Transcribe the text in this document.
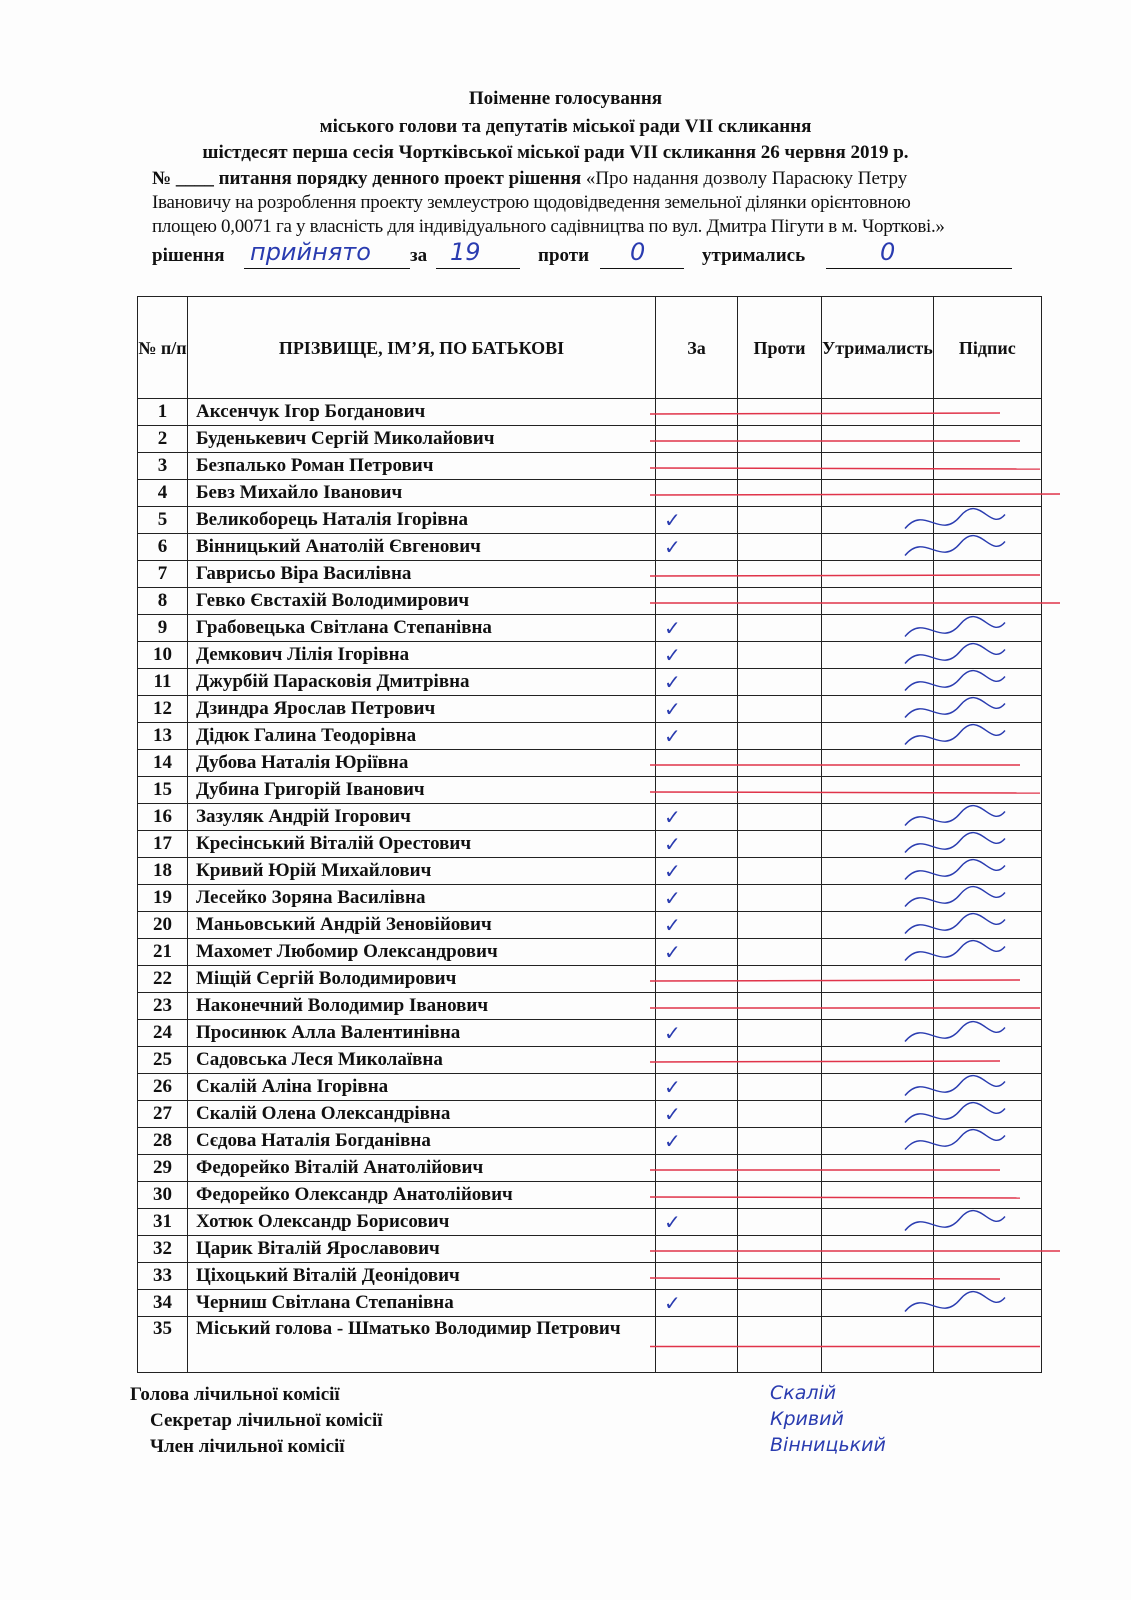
Поіменне голосування
міського голови та депутатів міської ради VII скликання
шістдесят перша сесія Чортківської міської ради VII скликання 26 червня 2019 р.
№ ____ питання порядку денного проект рішення «Про надання дозволу Парасюку Петру
Івановичу на розроблення проекту землеустрою щодовідведення земельної ділянки орієнтовною
площею 0,0071 га у власність для індивідуального садівництва по вул. Дмитра Пігути в м. Чорткові.»
рішення прийнято за 19	проти 0	утримались	0
№ п/п	ПРІЗВИЩЕ, ІМ’Я, ПО БАТЬКОВІ	За	Проти	Утрималисть	Підпис
1	Аксенчук Ігор Богданович				
2	Буденькевич Сергій Миколайович				
3	Безпалько Роман Петрович				
4	Бевз Михайло Іванович				
5	Великоборець Наталія Ігорівна	✓			
6	Вінницький Анатолій Євгенович	✓			
7	Гаврисьо Віра Василівна				
8	Гевко Євстахій Володимирович				
9	Грабовецька Світлана Степанівна	✓			
10	Демкович Лілія Ігорівна	✓			
11	Джурбій Парасковія Дмитрівна	✓			
12	Дзиндра Ярослав Петрович	✓			
13	Дідюк Галина Теодорівна	✓			
14	Дубова Наталія Юріївна				
15	Дубина Григорій Іванович				
16	Зазуляк Андрій Ігорович	✓			
17	Кресінський Віталій Орестович	✓			
18	Кривий Юрій Михайлович	✓			
19	Лесейко Зоряна Василівна	✓			
20	Маньовський Андрій Зеновійович	✓			
21	Махомет Любомир Олександрович	✓			
22	Міщій Сергій Володимирович				
23	Наконечний Володимир Іванович				
24	Просинюк Алла Валентинівна	✓			
25	Садовська Леся Миколаївна				
26	Скалій Аліна Ігорівна	✓			
27	Скалій Олена Олександрівна	✓			
28	Сєдова Наталія Богданівна	✓			
29	Федорейко Віталій Анатолійович				
30	Федорейко Олександр Анатолійович				
31	Хотюк Олександр Борисович	✓			
32	Царик Віталій Ярославович				
33	Ціхоцький Віталій Деонідович				
34	Черниш Світлана Степанівна	✓			
35	Міський голова - Шматько Володимир Петрович				
Голова лічильної комісії
Секретар лічильної комісії
Член лічильної комісії
Скалій
Кривий
Вінницький
